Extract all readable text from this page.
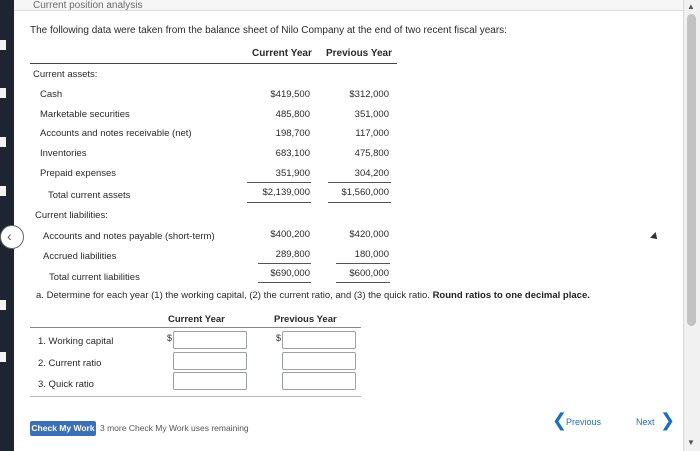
Current position analysis
The following data were taken from the balance sheet of Nilo Company at the end of two recent fiscal years:
Current Year Previous Year
Current assets:
Cash	$419,500	$312,000
Marketable securities	485,800	351,000
Accounts and notes receivable (net)	198,700	117,000
Inventories	683,100	475,800
Prepaid expenses	351,900	304,200
Total current assets	$2,139,000	$1,560,000
‹
Current liabilities:
Accounts and notes payable (short-term)	$400,200	$420,000
Accrued liabilities	289,800	180,000
Total current liabilities	$690,000	$600,000
a. Determine for each year (1) the working capital, (2) the current ratio, and (3) the quick ratio. Round ratios to one decimal place.
Current Year	Previous Year
1. Working capital	$	$
2. Current ratio
3. Quick ratio
Check My Work 3 more Check My Work uses remaining	❮
Previous	Next ❯
▲
▼
